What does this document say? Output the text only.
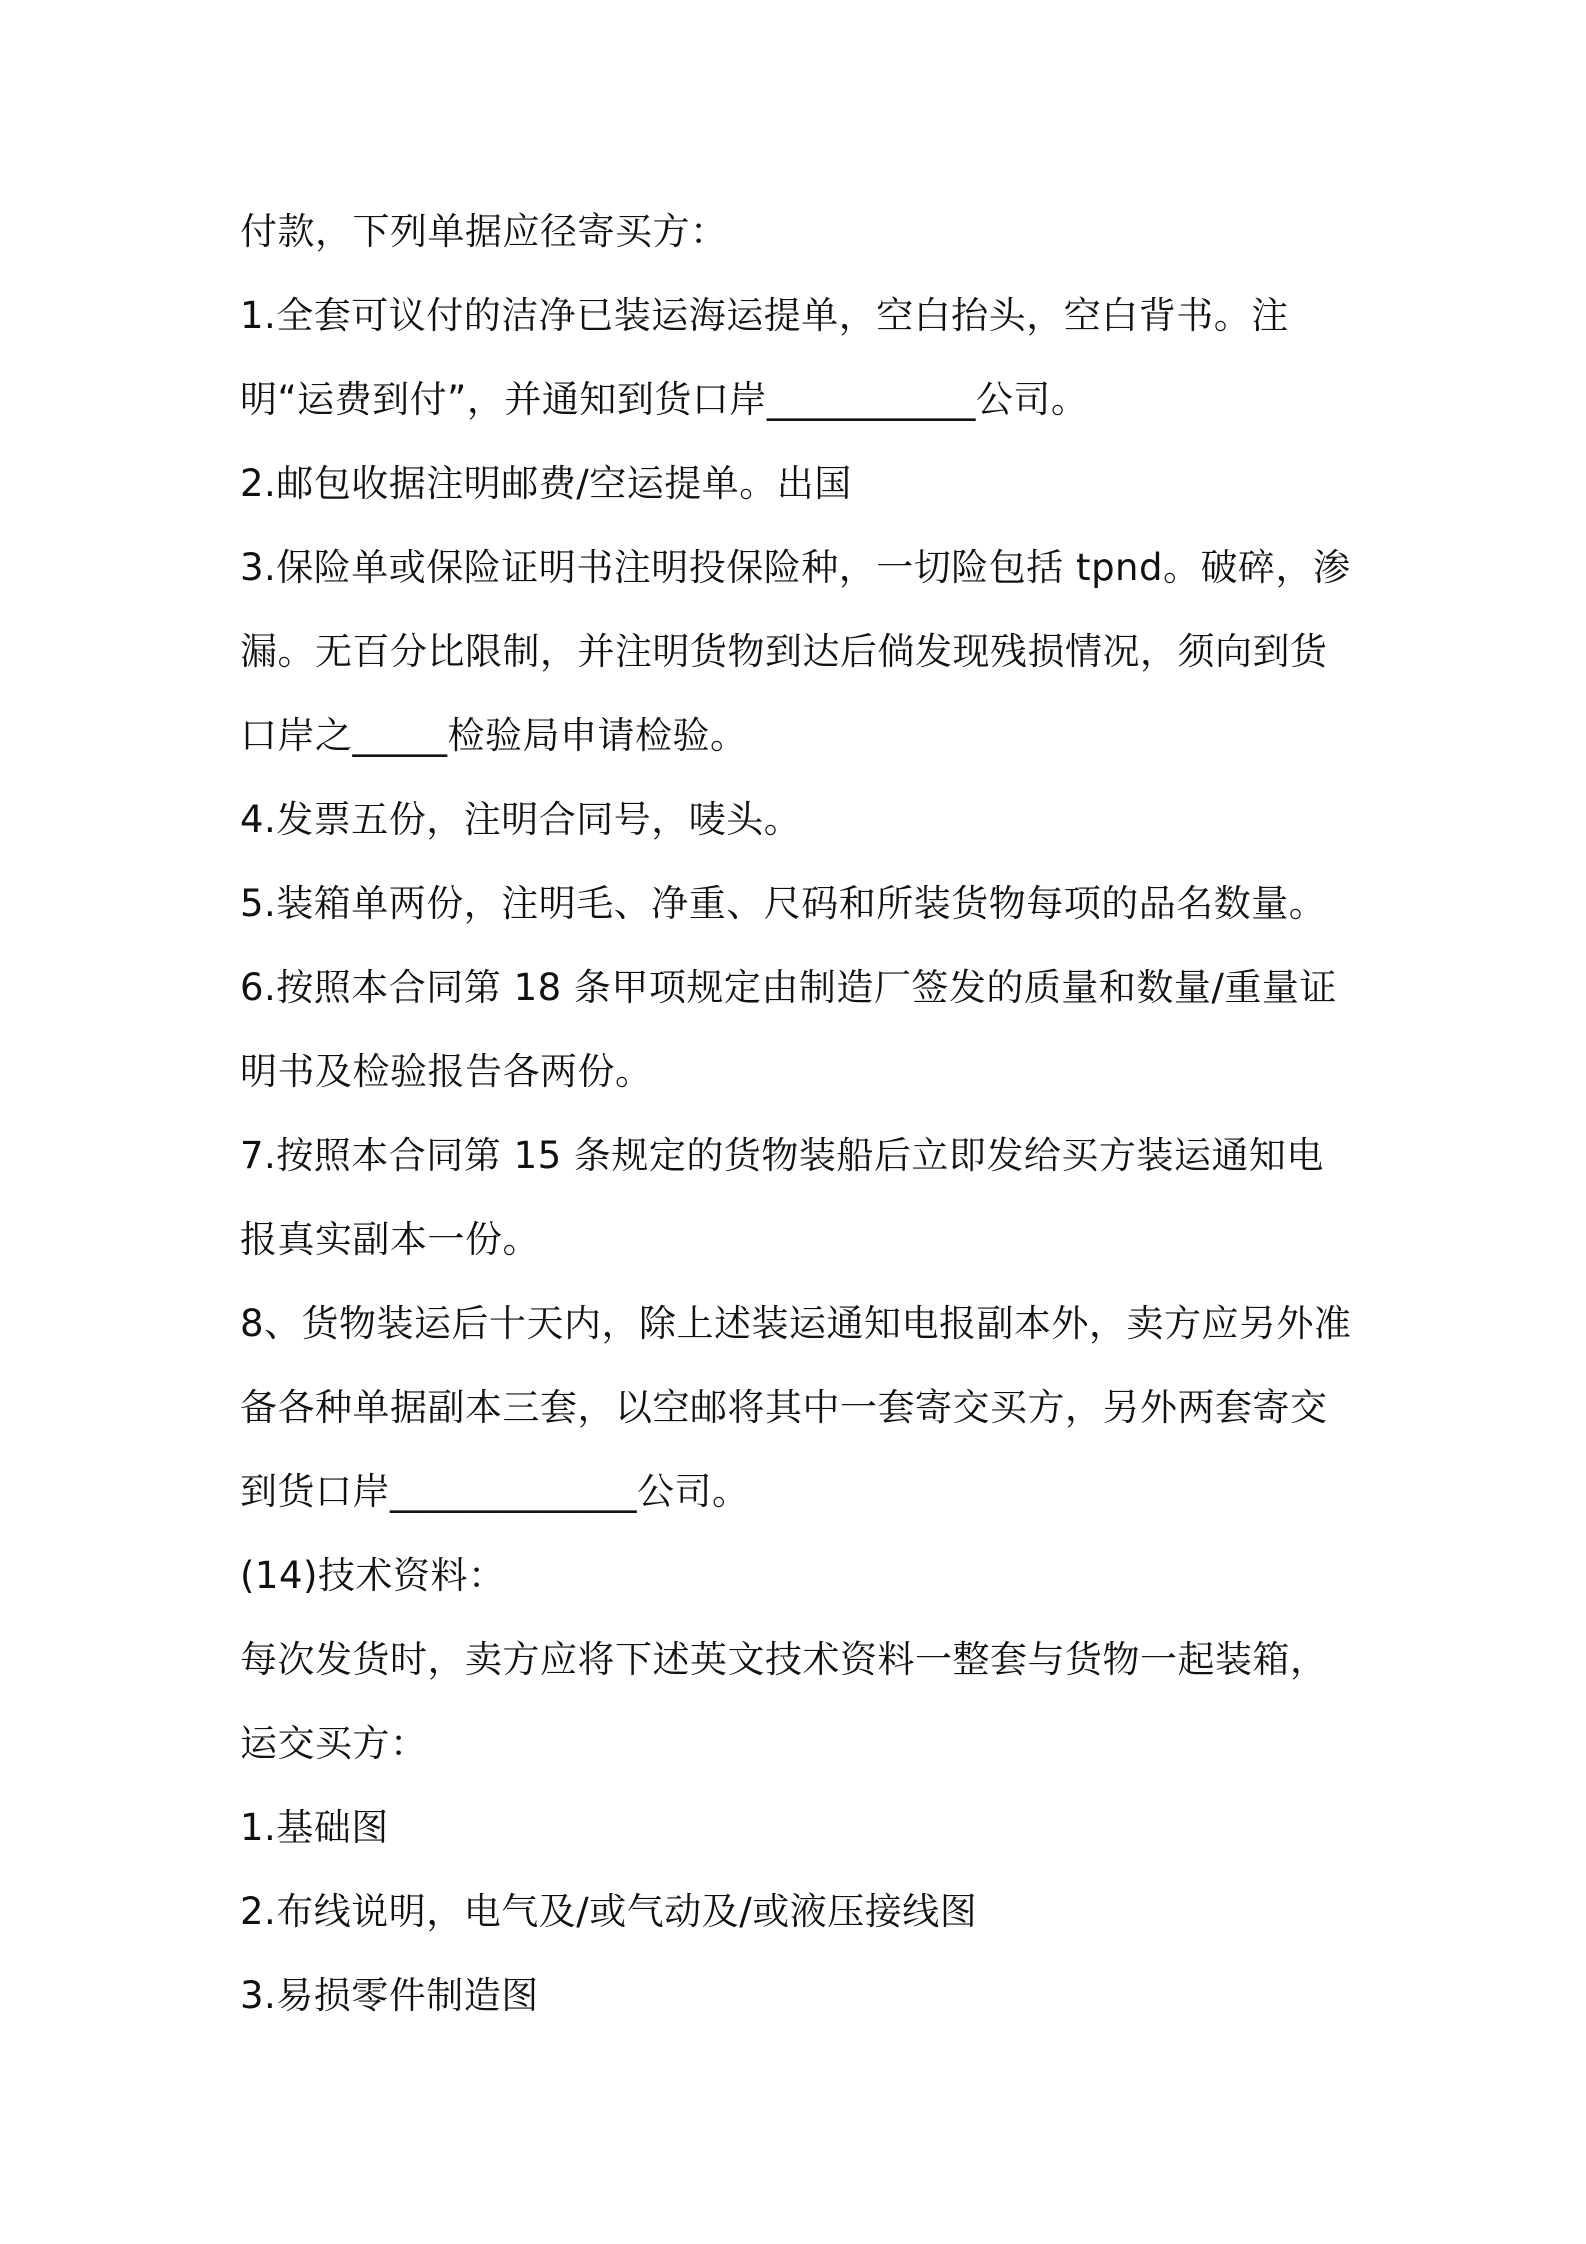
付款，下列单据应径寄买方：

1.全套可议付的洁净已装运海运提单，空白抬头，空白背书。注明“运费到付”，并通知到货口岸___________公司。

2.邮包收据注明邮费/空运提单。出国

3.保险单或保险证明书注明投保险种，一切险包括 tpnd。破碎，渗漏。无百分比限制，并注明货物到达后倘发现残损情况，须向到货口岸之_____检验局申请检验。

4.发票五份，注明合同号，唛头。

5.装箱单两份，注明毛、净重、尺码和所装货物每项的品名数量。

6.按照本合同第 18 条甲项规定由制造厂签发的质量和数量/重量证明书及检验报告各两份。

7.按照本合同第 15 条规定的货物装船后立即发给买方装运通知电报真实副本一份。

8、货物装运后十天内，除上述装运通知电报副本外，卖方应另外准备各种单据副本三套，以空邮将其中一套寄交买方，另外两套寄交到货口岸_____________公司。

(14)技术资料：

每次发货时，卖方应将下述英文技术资料一整套与货物一起装箱，运交买方：

1.基础图

2.布线说明，电气及/或气动及/或液压接线图

3.易损零件制造图
